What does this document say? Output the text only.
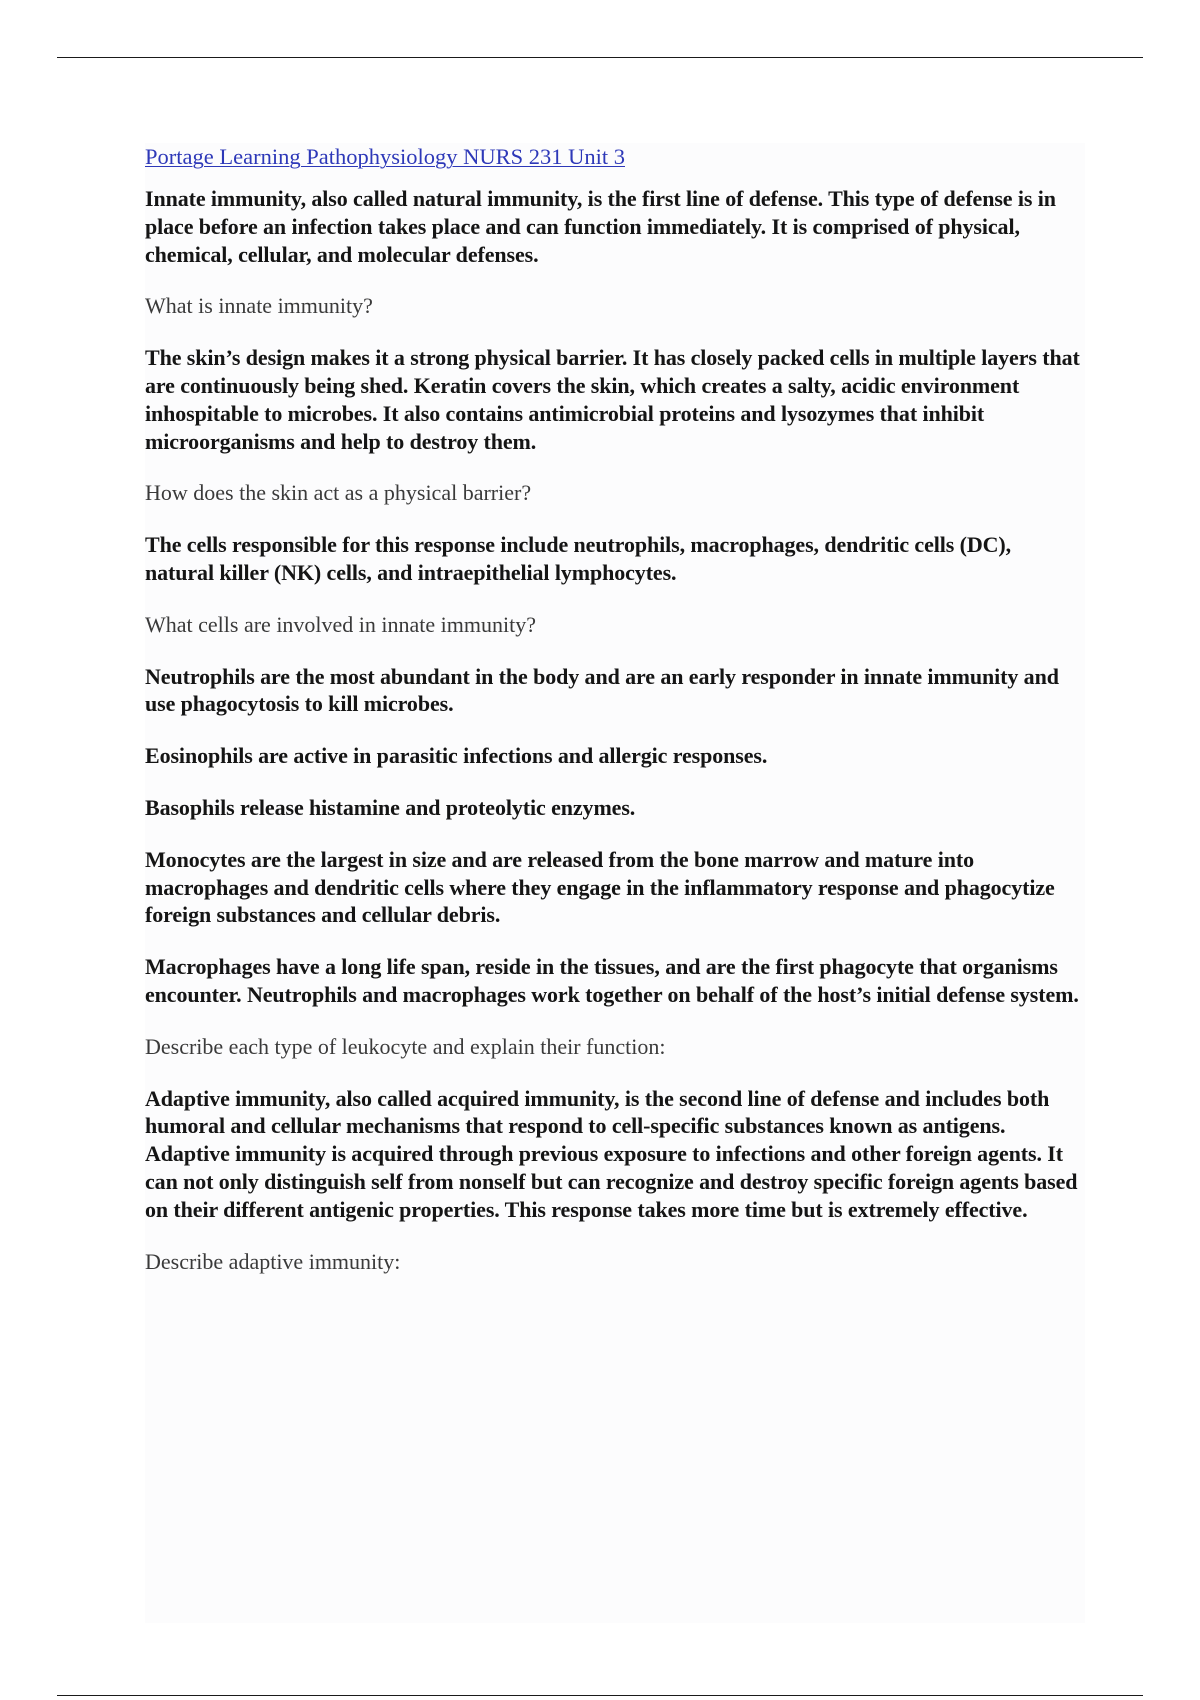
Portage Learning Pathophysiology NURS 231 Unit 3

Innate immunity, also called natural immunity, is the first line of defense. This type of defense is in place before an infection takes place and can function immediately. It is comprised of physical, chemical, cellular, and molecular defenses.

What is innate immunity?

The skin’s design makes it a strong physical barrier. It has closely packed cells in multiple layers that are continuously being shed. Keratin covers the skin, which creates a salty, acidic environment inhospitable to microbes. It also contains antimicrobial proteins and lysozymes that inhibit microorganisms and help to destroy them.

How does the skin act as a physical barrier?

The cells responsible for this response include neutrophils, macrophages, dendritic cells (DC), natural killer (NK) cells, and intraepithelial lymphocytes.

What cells are involved in innate immunity?

Neutrophils are the most abundant in the body and are an early responder in innate immunity and use phagocytosis to kill microbes.

Eosinophils are active in parasitic infections and allergic responses.

Basophils release histamine and proteolytic enzymes.

Monocytes are the largest in size and are released from the bone marrow and mature into macrophages and dendritic cells where they engage in the inflammatory response and phagocytize foreign substances and cellular debris.

Macrophages have a long life span, reside in the tissues, and are the first phagocyte that organisms encounter. Neutrophils and macrophages work together on behalf of the host’s initial defense system.

Describe each type of leukocyte and explain their function:

Adaptive immunity, also called acquired immunity, is the second line of defense and includes both humoral and cellular mechanisms that respond to cell-specific substances known as antigens. Adaptive immunity is acquired through previous exposure to infections and other foreign agents. It can not only distinguish self from nonself but can recognize and destroy specific foreign agents based on their different antigenic properties. This response takes more time but is extremely effective.

Describe adaptive immunity:
